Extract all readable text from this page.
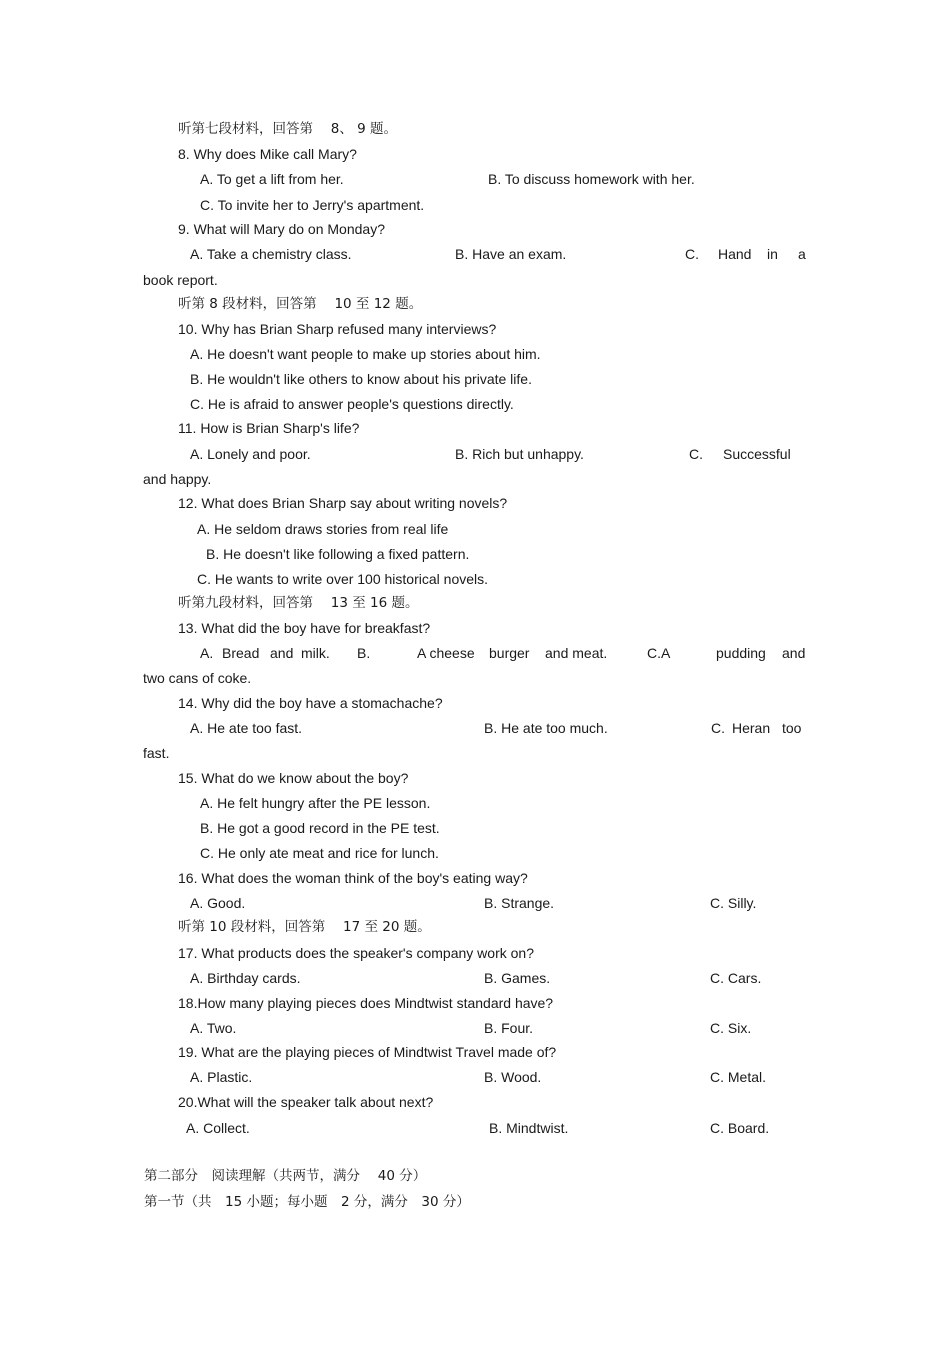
听第七段材料，回答第　 8、 9 题。
8. Why does Mike call Mary?
A. To get a lift from her.	B. To discuss homework with her.
C. To invite her to Jerry's apartment.
9. What will Mary do on Monday?
A. Take a chemistry class.	B. Have an exam.	C. Hand in a
book report.
听第 8 段材料，回答第　 10 至 12 题。
10. Why has Brian Sharp refused many interviews?
A. He doesn't want people to make up stories about him.
B. He wouldn't like others to know about his private life.
C. He is afraid to answer people's questions directly.
11. How is Brian Sharp's life?
A. Lonely and poor.	B. Rich but unhappy.	C. Successful
and happy.
12. What does Brian Sharp say about writing novels?
A. He seldom draws stories from real life
B. He doesn't like following a fixed pattern.
C. He wants to write over 100 historical novels.
听第九段材料，回答第　 13 至 16 题。
13. What did the boy have for breakfast?
A. Bread and milk. B.	A cheese burger and meat.	C.A	pudding and
two cans of coke.
14. Why did the boy have a stomachache?
A. He ate too fast.	B. He ate too much.	C. Heran too
fast.
15. What do we know about the boy?
A. He felt hungry after the PE lesson.
B. He got a good record in the PE test.
C. He only ate meat and rice for lunch.
16. What does the woman think of the boy's eating way?
A. Good.	B. Strange.	C. Silly.
听第 10 段材料，回答第　 17 至 20 题。
17. What products does the speaker's company work on?
A. Birthday cards.	B. Games.	C. Cars.
18.How many playing pieces does Mindtwist standard have?
A. Two.	B. Four.	C. Six.
19. What are the playing pieces of Mindtwist Travel made of?
A. Plastic.	B. Wood.	C. Metal.
20.What will the speaker talk about next?
A. Collect.	B. Mindtwist.	C. Board.
第二部分　阅读理解（共两节，满分　 40 分）
第一节（共　15 小题；每小题　2 分，满分　30 分）
